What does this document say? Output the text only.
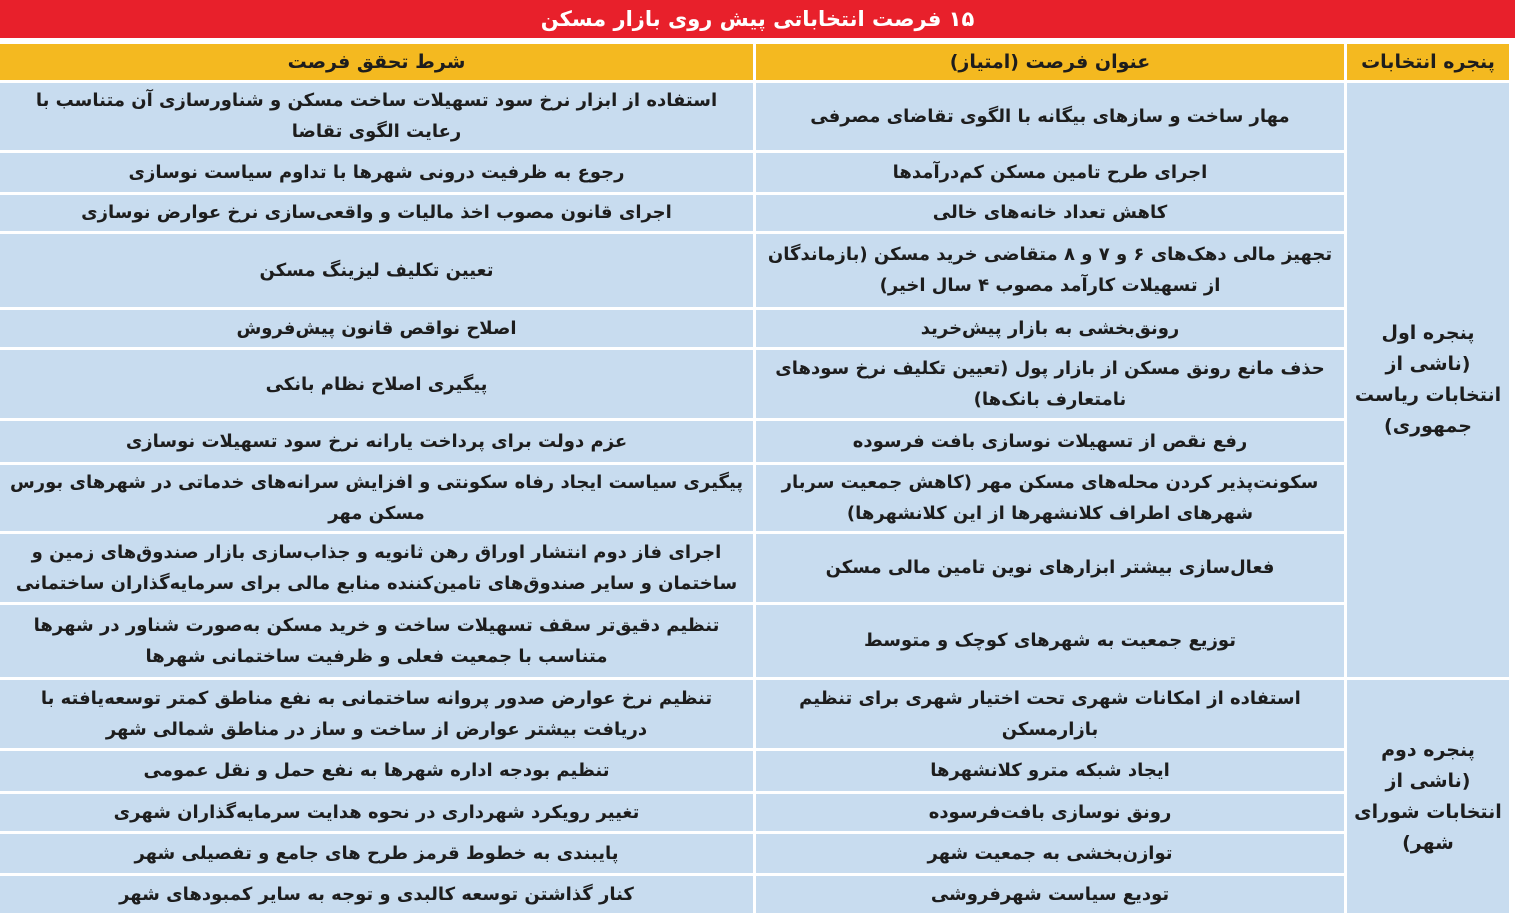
۱۵ فرصت انتخاباتی پیش روی بازار مسکن
پنجره انتخابات	عنوان فرصت (امتیاز)	شرط تحقق فرصت
پنجره اول (ناشی از انتخابات ریاست جمهوری)	مهار ساخت و سازهای بیگانه با الگوی تقاضای مصرفی	استفاده از ابزار نرخ سود تسهیلات ساخت مسکن و شناورسازی آن متناسب با رعایت الگوی تقاضا
	اجرای طرح تامین مسکن کم‌درآمدها	رجوع به ظرفیت درونی شهرها با تداوم سیاست نوسازی
	کاهش تعداد خانه‌های خالی	اجرای قانون مصوب اخذ مالیات و واقعی‌سازی نرخ عوارض نوسازی
	تجهیز مالی دهک‌های ۶ و ۷ و ۸ متقاضی خرید مسکن (بازماندگان از تسهیلات کارآمد مصوب ۴ سال اخیر)	تعیین تکلیف لیزینگ مسکن
	رونق‌بخشی به بازار پیش‌خرید	اصلاح نواقص قانون پیش‌فروش
	حذف مانع رونق مسکن از بازار پول (تعیین تکلیف نرخ سودهای نامتعارف بانک‌ها)	پیگیری اصلاح نظام بانکی
	رفع نقص از تسهیلات نوسازی بافت فرسوده	عزم دولت برای پرداخت یارانه نرخ سود تسهیلات نوسازی
	سکونت‌پذیر کردن محله‌های مسکن مهر (کاهش جمعیت سربار شهرهای اطراف کلانشهرها از این کلانشهرها)	پیگیری سیاست ایجاد رفاه سکونتی و افزایش سرانه‌های خدماتی در شهرهای بورس مسکن مهر
	فعال‌سازی بیشتر ابزارهای نوین تامین مالی مسکن	اجرای فاز دوم انتشار اوراق رهن ثانویه و جذاب‌سازی بازار صندوق‌های زمین و ساختمان و سایر صندوق‌های تامین‌کننده منابع مالی برای سرمایه‌گذاران ساختمانی
	توزیع جمعیت به شهرهای کوچک و متوسط	تنظیم دقیق‌تر سقف تسهیلات ساخت و خرید مسکن به‌صورت شناور در شهرها متناسب با جمعیت فعلی و ظرفیت ساختمانی شهرها
پنجره دوم (ناشی از انتخابات شورای شهر)	استفاده از امکانات شهری تحت اختیار شهری برای تنظیم بازارمسکن	تنظیم نرخ عوارض صدور پروانه ساختمانی به نفع مناطق کمتر توسعه‌یافته با دریافت بیشتر عوارض از ساخت و ساز در مناطق شمالی شهر
	ایجاد شبکه مترو کلانشهرها	تنظیم بودجه اداره شهرها به نفع حمل و نقل عمومی
	رونق نوسازی بافت‌فرسوده	تغییر رویکرد شهرداری در نحوه هدایت سرمایه‌گذاران شهری
	توازن‌بخشی به جمعیت شهر	پایبندی به خطوط قرمز طرح های جامع و تفصیلی شهر
	تودیع سیاست شهرفروشی	کنار گذاشتن توسعه کالبدی و توجه به سایر کمبودهای شهر
